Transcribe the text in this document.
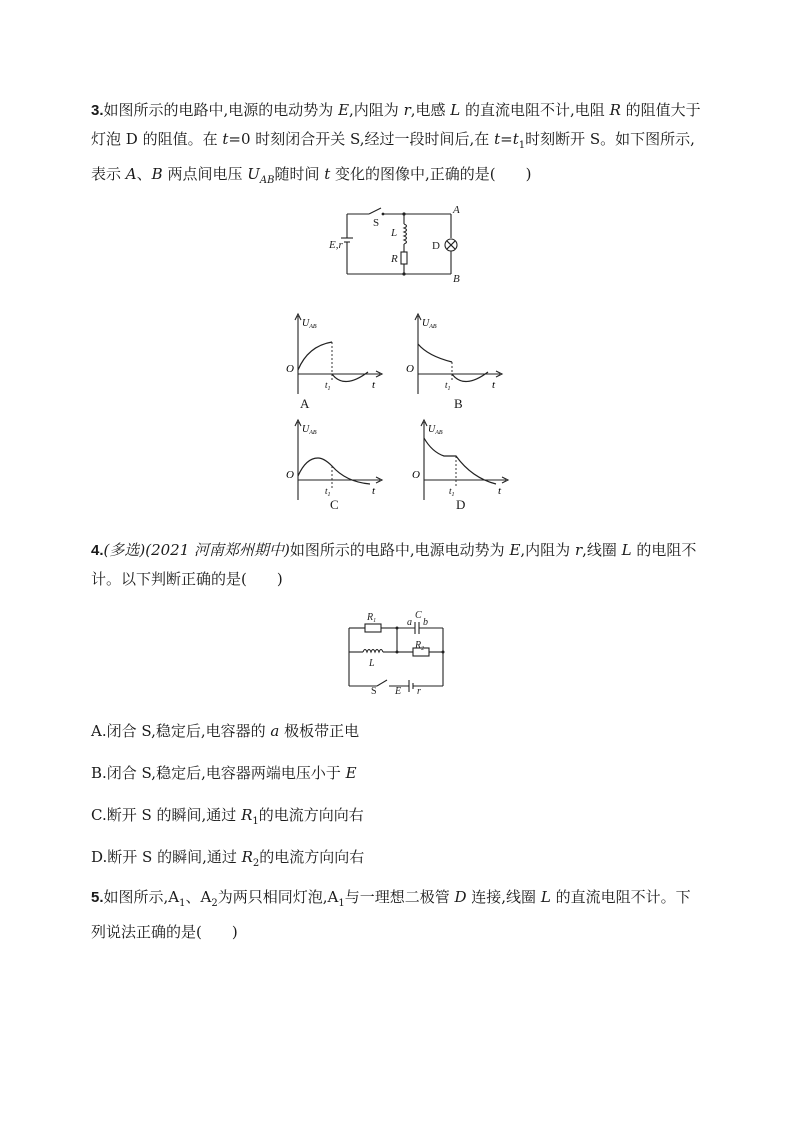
3.如图所示的电路中,电源的电动势为 E,内阻为 r,电感 L 的直流电阻不计,电阻 R 的阻值大于灯泡 D 的阻值。在 t=0 时刻闭合开关 S,经过一段时间后,在 $t=t_1$时刻断开 S。如下图所示,表示 A、B 两点间电压 $U_{AB}$随时间 t 变化的图像中,正确的是(　　)
A
B
S
L
R
D
E,r
$U_{AB}$
O
t
$t_1$
$U_{AB}$
O
t
$t_1$
$U_{AB}$
O
t
$t_1$
$U_{AB}$
O
t
$t_1$
A	B
C	D
4.(多选)(2021 河南郑州期中)如图所示的电路中,电源电动势为 E,内阻为 r,线圈 L 的电阻不计。以下判断正确的是(　　)
$R_1$
$R_2$
C
a b
L
S E r
A.闭合 S,稳定后,电容器的 a 极板带正电
B.闭合 S,稳定后,电容器两端电压小于 E
C.断开 S 的瞬间,通过 $R_1$的电流方向向右
D.断开 S 的瞬间,通过 $R_2$的电流方向向右
5.如图所示$,A_1$、$A_2$为两只相同灯泡$,A_1$与一理想二极管 D 连接,线圈 L 的直流电阻不计。下列说法正确的是(　　)
